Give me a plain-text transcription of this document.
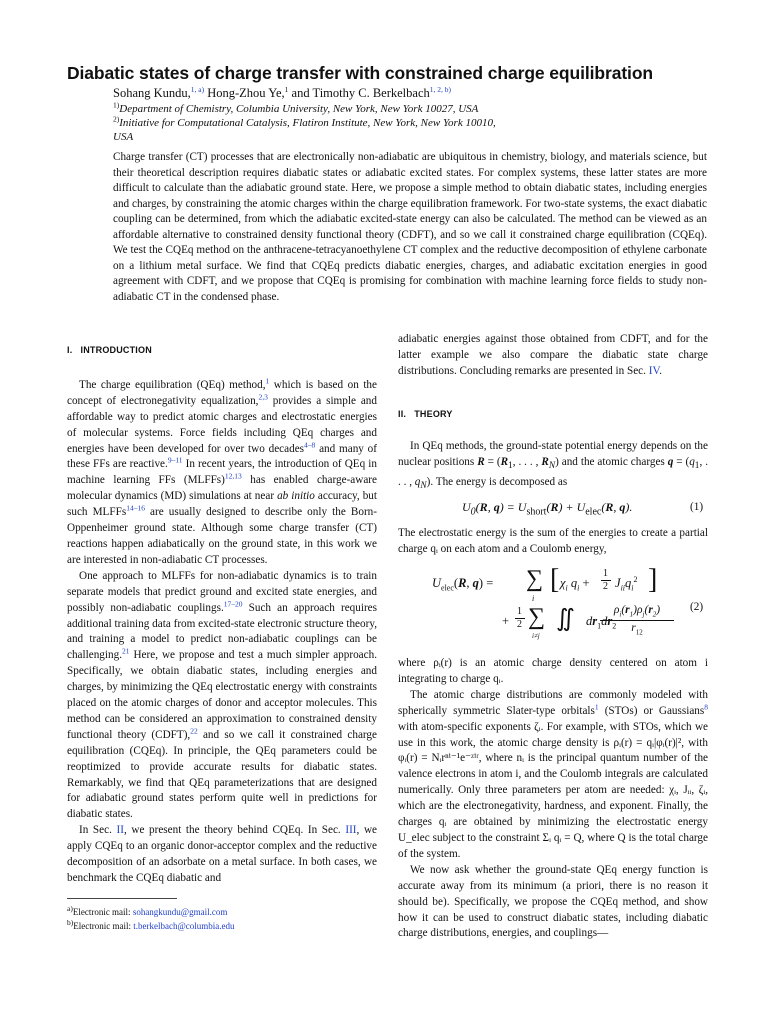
Diabatic states of charge transfer with constrained charge equilibration
Sohang Kundu,$^{1, a)}$ Hong-Zhou Ye,$^1$ and Timothy C. Berkelbach$^{1, 2, b)}$
$^{1)}$Department of Chemistry, Columbia University, New York, New York 10027, USA
$^{2)}$Initiative for Computational Catalysis, Flatiron Institute, New York, New York 10010,
USA
Charge transfer (CT) processes that are electronically non-adiabatic are ubiquitous in chemistry, biology, and materials science, but their theoretical description requires diabatic states or adiabatic excited states. For complex systems, these latter states are more difficult to calculate than the adiabatic ground state. Here, we propose a simple method to obtain diabatic states, including energies and charges, by constraining the atomic charges within the charge equilibration framework. For two-state systems, the exact diabatic coupling can be determined, from which the adiabatic excited-state energy can also be calculated. The method can be viewed as an affordable alternative to constrained density functional theory (CDFT), and so we call it constrained charge equilibration (CQEq). We test the CQEq method on the anthracene-tetracyanoethylene CT complex and the reductive decomposition of ethylene carbonate on a lithium metal surface. We find that CQEq predicts diabatic energies, charges, and adiabatic excitation energies in good agreement with CDFT, and we propose that CQEq is promising for combination with machine learning force fields to study non-adiabatic CT in the condensed phase.
I. INTRODUCTION

The charge equilibration (QEq) method,$^1$ which is based on the concept of electronegativity equalization,$^{2,3}$ provides a simple and affordable way to predict atomic charges and electrostatic energies of molecular systems. Force fields including QEq charges and energies have been developed for over two decades$^{4-8}$ and many of these FFs are reactive.$^{9-11}$ In recent years, the introduction of QEq in machine learning FFs (MLFFs)$^{12,13}$ has enabled charge-aware molecular dynamics (MD) simulations at near ab initio accuracy, but such MLFFs$^{14-16}$ are usually designed to describe only the Born-Oppenheimer ground state. Although some charge transfer (CT) reactions happen adiabatically on the ground state, in this work we are interested in non-adiabatic CT processes.

One approach to MLFFs for non-adiabatic dynamics is to train separate models that predict ground and excited state energies, and possibly non-adiabatic couplings.$^{17-20}$ Such an approach requires additional training data from excited-state electronic structure theory, and training a model to predict non-adiabatic couplings can be challenging.$^{21}$ Here, we propose and test a much simpler approach. Specifically, we obtain diabatic states, including energies and charges, by minimizing the QEq electrostatic energy with constraints placed on the atomic charges of donor and acceptor molecules. This method can be considered an approximation to constrained density functional theory (CDFT),$^{22}$ and so we call it constrained charge equilibration (CQEq). In principle, the QEq parameters could be reoptimized to provide accurate results for diabatic states. Remarkably, we find that QEq parameterizations that are designed for adiabatic ground states perform quite well in predictions for diabatic states.

In Sec. II, we present the theory behind CQEq. In Sec. III, we apply CQEq to an organic donor-acceptor complex and the reductive decomposition of an adsorbate on a metal surface. In both cases, we benchmark the CQEq diabatic and

$^{a)}$Electronic mail: sohangkundu@gmail.com
$^{b)}$Electronic mail: t.berkelbach@columbia.edu

adiabatic energies against those obtained from CDFT, and for the latter example we also compare the diabatic state charge distributions. Concluding remarks are presented in Sec. IV.

II. THEORY

In QEq methods, the ground-state potential energy depends on the nuclear positions $R = (R_1$, . . . , $R_N$) and the atomic charges $q = (q_1$, . . . , $q_N$). The energy is decomposed as

$U_0(R$, $q) = U_{short}(R) + U_{elec}(R$, q).	(1)
The electrostatic energy is the sum of the energies to create a partial charge qᵢ on each atom and a Coulomb energy,
$U_{elec}(R$, q) = ∑
i
[ $\chi_i$ $q_i$ +
1
2 $J_{ii}q_i^2$ ]
+
1
2 ∑
i≠j
∬ $dr_1dr_2$
$\rho_i(r_1)\rho_j(r_2)$
$r_{12}$
(2)

where ρᵢ(r) is an atomic charge density centered on atom i integrating to charge qᵢ.

The atomic charge distributions are commonly modeled with spherically symmetric Slater-type orbitals$^1$ (STOs) or Gaussians$^8$ with atom-specific exponents ζᵢ. For example, with STOs, which we use in this work, the atomic charge density is ρᵢ(r) = qᵢ|φᵢ(r)|², with φᵢ(r) = Nᵢrⁿⁱ⁻¹e⁻ᶻⁱʳ, where nᵢ is the principal quantum number of the valence electrons in atom i, and the Coulomb integrals are calculated numerically. Only three parameters per atom are needed: χᵢ, Jᵢᵢ, ζᵢ, which are the electronegativity, hardness, and exponent. Finally, the charges qᵢ are obtained by minimizing the electrostatic energy U_elec subject to the constraint Σᵢ qᵢ = Q, where Q is the total charge of the system.

We now ask whether the ground-state QEq energy function is accurate away from its minimum (a priori, there is no reason it should be). Specifically, we propose the CQEq method, and show how it can be used to construct diabatic states, including diabatic charge distributions, energies, and couplings—
